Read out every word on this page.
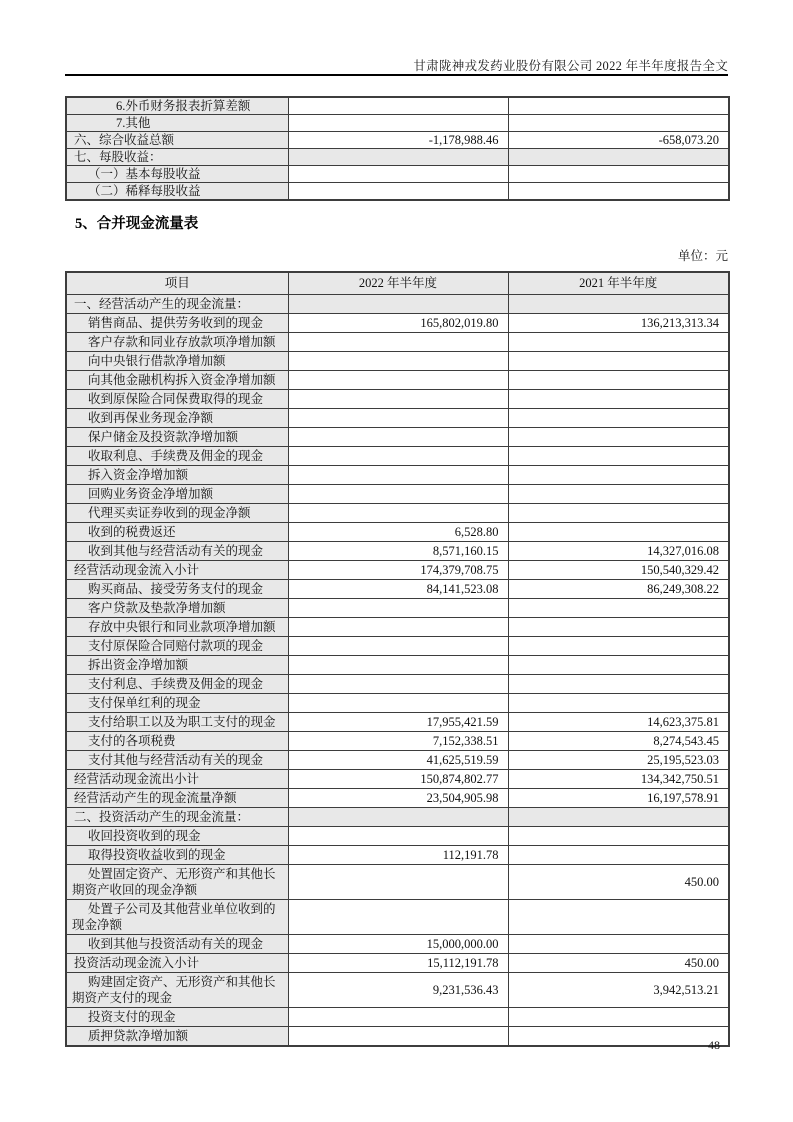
甘肃陇神戎发药业股份有限公司 2022 年半年度报告全文
6.外币财务报表折算差额		
7.其他		
六、综合收益总额	-1,178,988.46	-658,073.20
七、每股收益：		
（一）基本每股收益		
（二）稀释每股收益		
5、合并现金流量表
单位：元
项目	2022 年半年度	2021 年半年度
一、经营活动产生的现金流量：		
销售商品、提供劳务收到的现金	165,802,019.80	136,213,313.34
客户存款和同业存放款项净增加额		
向中央银行借款净增加额		
向其他金融机构拆入资金净增加额		
收到原保险合同保费取得的现金		
收到再保业务现金净额		
保户储金及投资款净增加额		
收取利息、手续费及佣金的现金		
拆入资金净增加额		
回购业务资金净增加额		
代理买卖证券收到的现金净额		
收到的税费返还	6,528.80	
收到其他与经营活动有关的现金	8,571,160.15	14,327,016.08
经营活动现金流入小计	174,379,708.75	150,540,329.42
购买商品、接受劳务支付的现金	84,141,523.08	86,249,308.22
客户贷款及垫款净增加额		
存放中央银行和同业款项净增加额		
支付原保险合同赔付款项的现金		
拆出资金净增加额		
支付利息、手续费及佣金的现金		
支付保单红利的现金		
支付给职工以及为职工支付的现金	17,955,421.59	14,623,375.81
支付的各项税费	7,152,338.51	8,274,543.45
支付其他与经营活动有关的现金	41,625,519.59	25,195,523.03
经营活动现金流出小计	150,874,802.77	134,342,750.51
经营活动产生的现金流量净额	23,504,905.98	16,197,578.91
二、投资活动产生的现金流量：		
收回投资收到的现金		
取得投资收益收到的现金	112,191.78	
处置固定资产、无形资产和其他长期资产收回的现金净额		450.00
处置子公司及其他营业单位收到的现金净额		
收到其他与投资活动有关的现金	15,000,000.00	
投资活动现金流入小计	15,112,191.78	450.00
购建固定资产、无形资产和其他长期资产支付的现金	9,231,536.43	3,942,513.21
投资支付的现金		
质押贷款净增加额		
48
